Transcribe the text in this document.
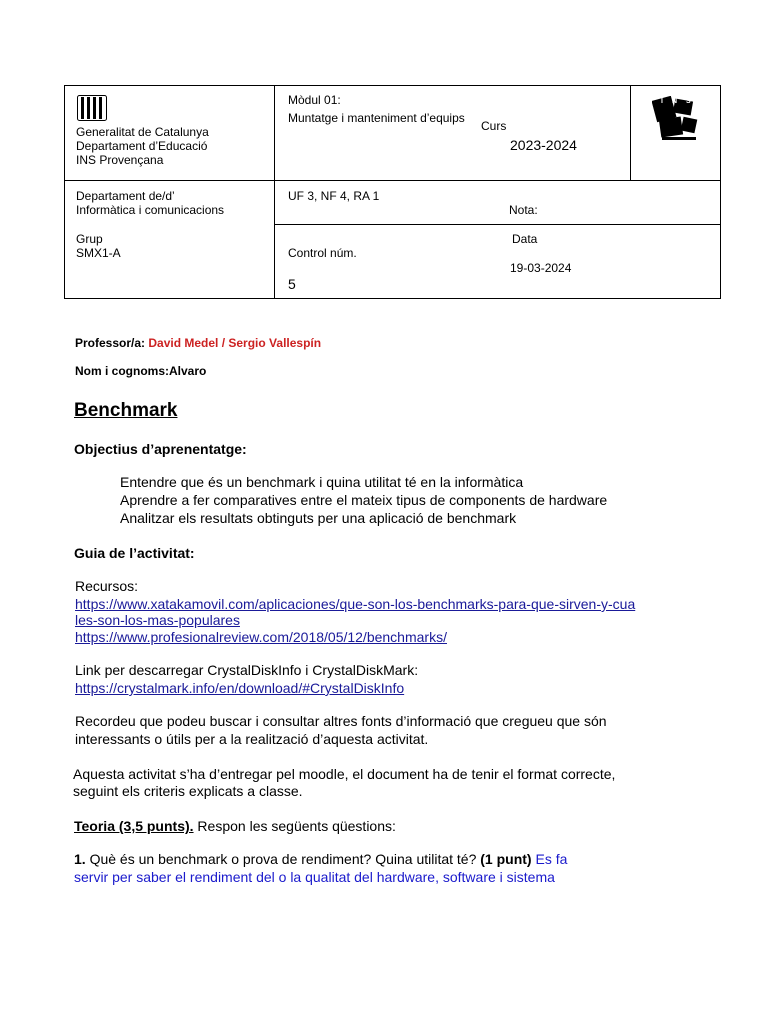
Generalitat de Catalunya
Departament d’Educació
INS Provençana
Mòdul 01:
Muntatge i manteniment d’equips
Curs
2023-2024
INS
Departament de/d’
Informàtica i comunicacions
UF 3, NF 4, RA 1
Nota:
Grup
SMX1-A
Data
Control núm.
19-03-2024
5
Professor/a: David Medel / Sergio Vallespín
Nom i cognoms:Alvaro
Benchmark
Objectius d’aprenentatge:
Entendre que és un benchmark i quina utilitat té en la informàtica
Aprendre a fer comparatives entre el mateix tipus de components de hardware
Analitzar els resultats obtinguts per una aplicació de benchmark
Guia de l’activitat:
Recursos:
https://www.xatakamovil.com/aplicaciones/que-son-los-benchmarks-para-que-sirven-y-cua
les-son-los-mas-populares
https://www.profesionalreview.com/2018/05/12/benchmarks/
Link per descarregar CrystalDiskInfo i CrystalDiskMark:
https://crystalmark.info/en/download/#CrystalDiskInfo
Recordeu que podeu buscar i consultar altres fonts d’informació que cregueu que són
interessants o útils per a la realització d’aquesta activitat.
Aquesta activitat s’ha d’entregar pel moodle, el document ha de tenir el format correcte,
seguint els criteris explicats a classe.
Teoria (3,5 punts). Respon les següents qüestions:
1. Què és un benchmark o prova de rendiment? Quina utilitat té? (1 punt) Es fa
servir per saber el rendiment del o la qualitat del hardware, software i sistema
